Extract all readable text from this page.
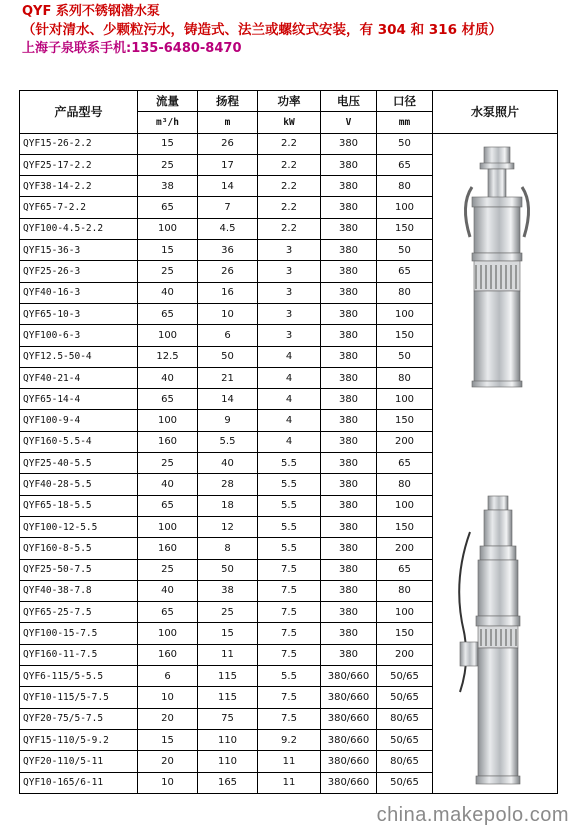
QYF 系列不锈钢潜水泵
（针对清水、少颗粒污水，铸造式、法兰或螺纹式安装，有 304 和 316 材质）
上海子泉联系手机:135-6480-8470
产品型号	流量	扬程	功率	电压	口径	水泵照片
	m³/h	m	kW	V	mm	
QYF15-26-2.2	15	26	2.2	380	50	
QYF25-17-2.2	25	17	2.2	380	65	
QYF38-14-2.2	38	14	2.2	380	80	
QYF65-7-2.2	65	7	2.2	380	100	
QYF100-4.5-2.2	100	4.5	2.2	380	150	
QYF15-36-3	15	36	3	380	50	
QYF25-26-3	25	26	3	380	65	
QYF40-16-3	40	16	3	380	80	
QYF65-10-3	65	10	3	380	100	
QYF100-6-3	100	6	3	380	150	
QYF12.5-50-4	12.5	50	4	380	50	
QYF40-21-4	40	21	4	380	80	
QYF65-14-4	65	14	4	380	100	
QYF100-9-4	100	9	4	380	150	
QYF160-5.5-4	160	5.5	4	380	200	
QYF25-40-5.5	25	40	5.5	380	65	
QYF40-28-5.5	40	28	5.5	380	80	
QYF65-18-5.5	65	18	5.5	380	100	
QYF100-12-5.5	100	12	5.5	380	150	
QYF160-8-5.5	160	8	5.5	380	200	
QYF25-50-7.5	25	50	7.5	380	65	
QYF40-38-7.8	40	38	7.5	380	80	
QYF65-25-7.5	65	25	7.5	380	100	
QYF100-15-7.5	100	15	7.5	380	150	
QYF160-11-7.5	160	11	7.5	380	200	
QYF6-115/5-5.5	6	115	5.5	380/660	50/65	
QYF10-115/5-7.5	10	115	7.5	380/660	50/65	
QYF20-75/5-7.5	20	75	7.5	380/660	80/65	
QYF15-110/5-9.2	15	110	9.2	380/660	50/65	
QYF20-110/5-11	20	110	11	380/660	80/65	
QYF10-165/6-11	10	165	11	380/660	50/65	
china.makepolo.com
